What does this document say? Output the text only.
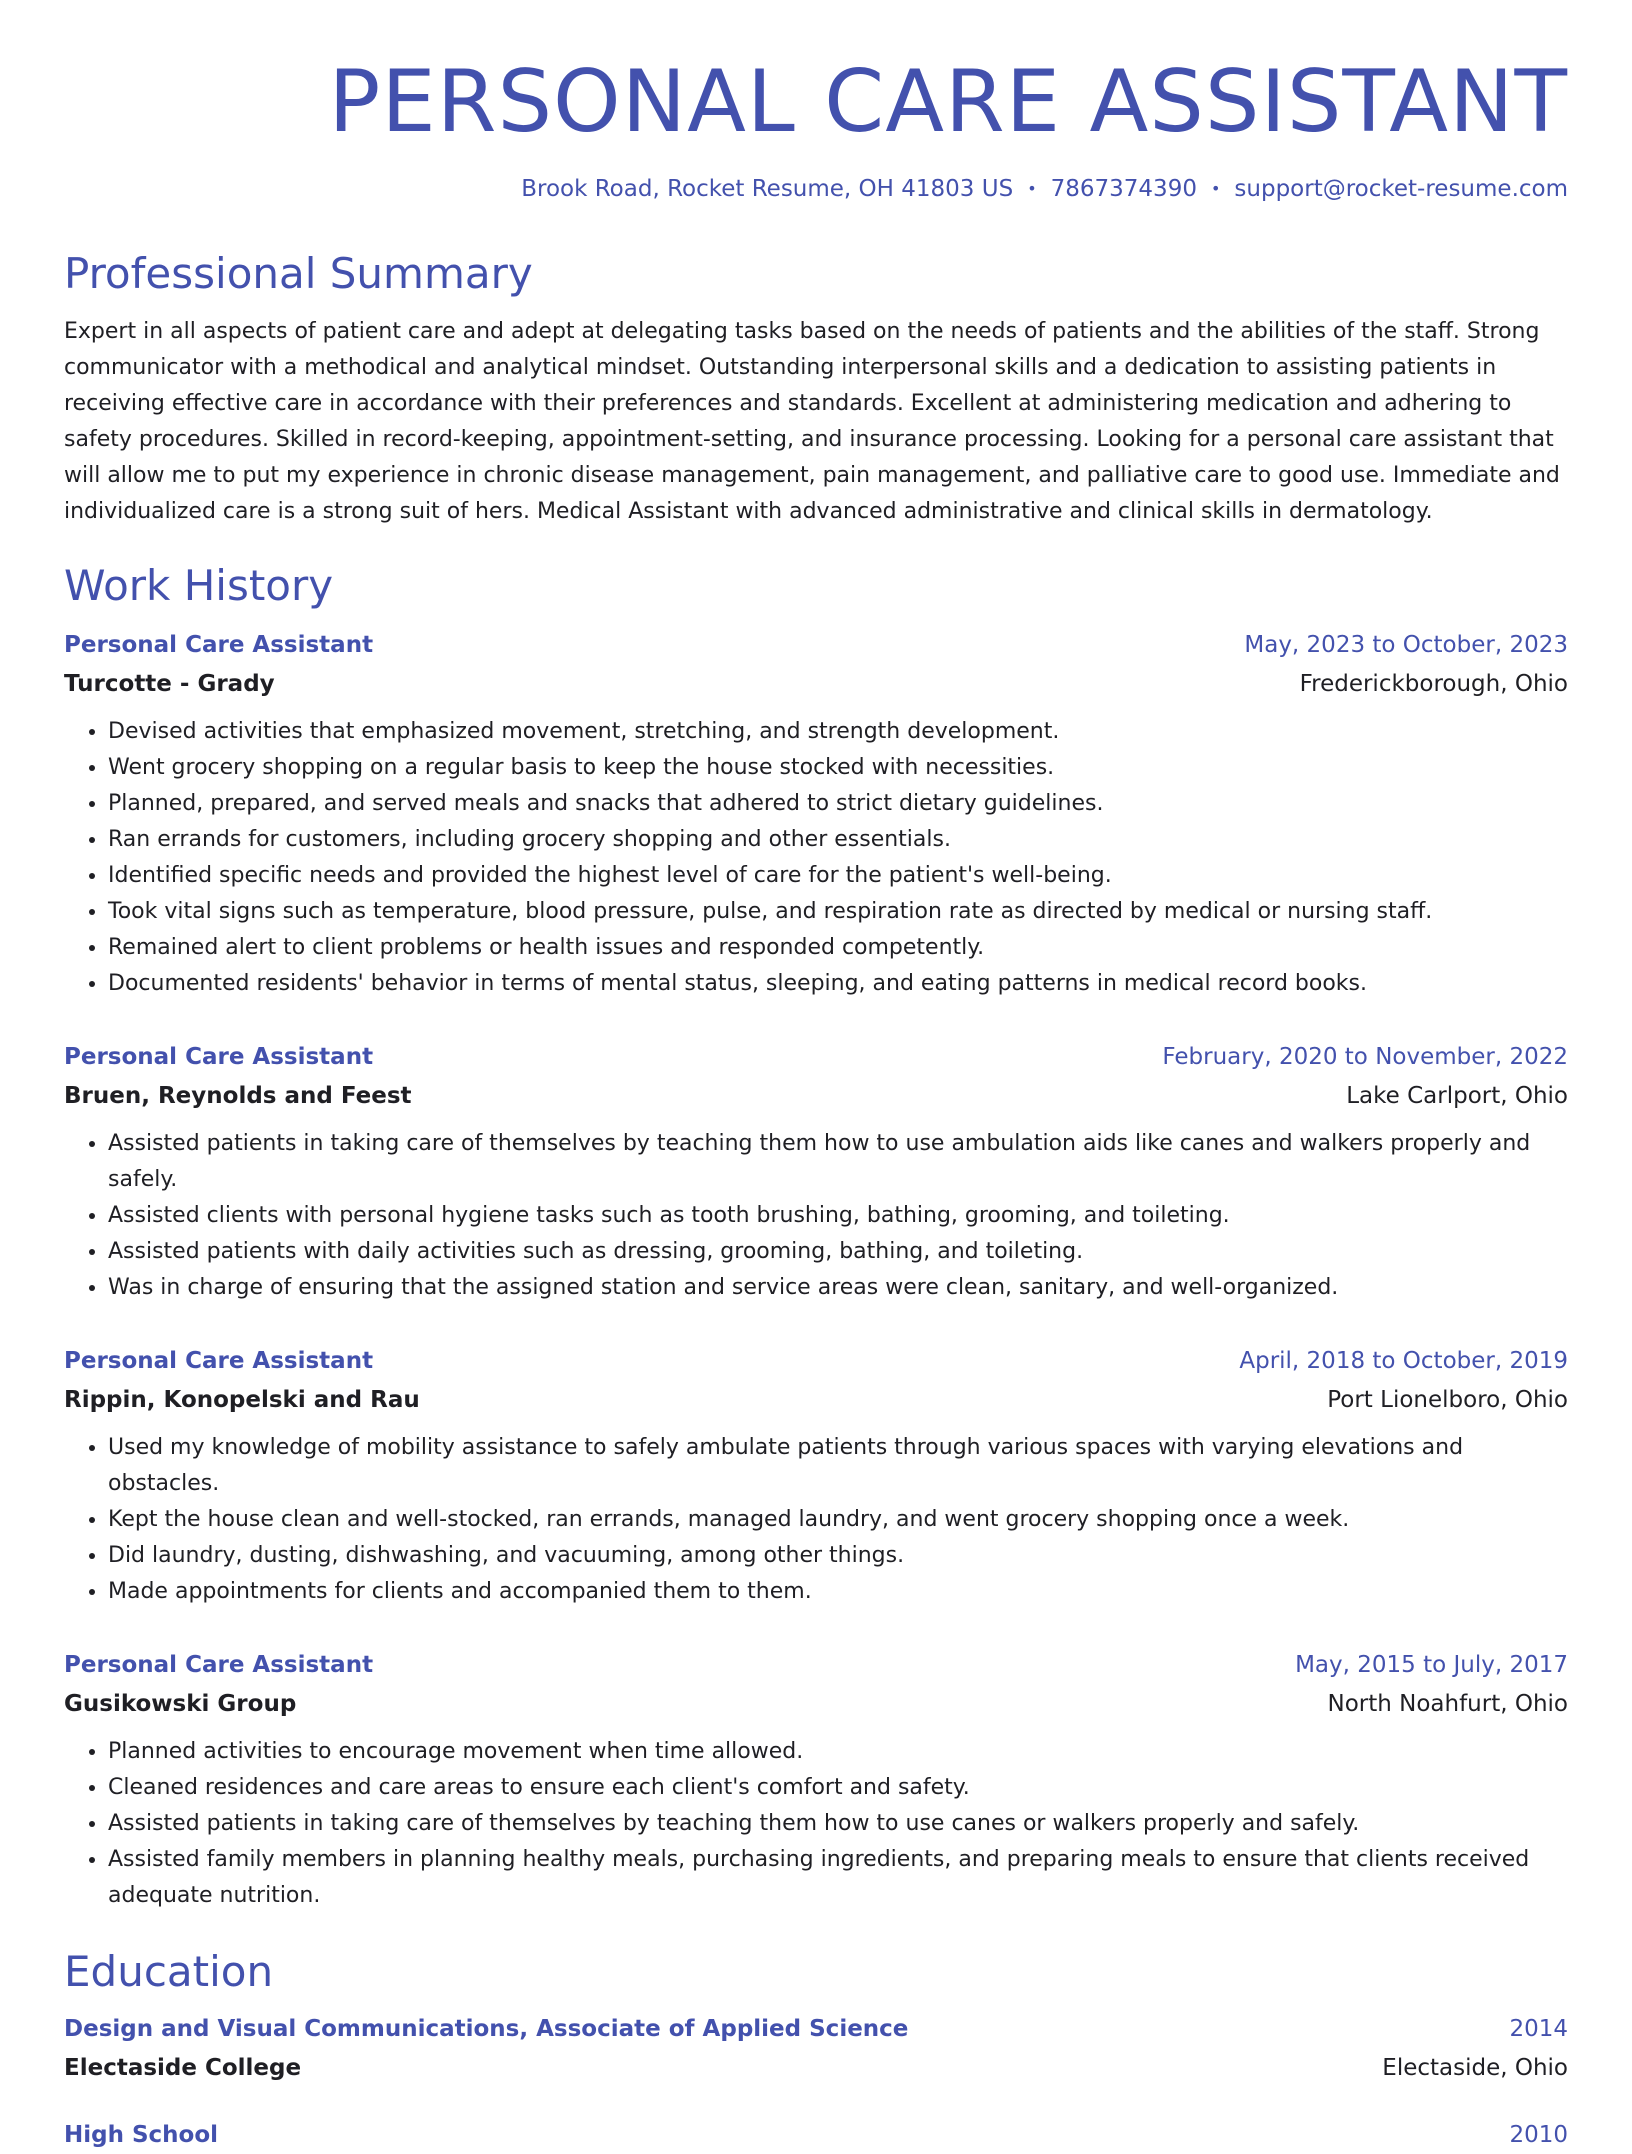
PERSONAL CARE ASSISTANT
Brook Road, Rocket Resume, OH 41803 US • 7867374390 • support@rocket-resume.com
Professional Summary

Expert in all aspects of patient care and adept at delegating tasks based on the needs of patients and the abilities of the staff. Strong communicator with a methodical and analytical mindset. Outstanding interpersonal skills and a dedication to assisting patients in receiving effective care in accordance with their preferences and standards. Excellent at administering medication and adhering to safety procedures. Skilled in record-keeping, appointment-setting, and insurance processing. Looking for a personal care assistant that will allow me to put my experience in chronic disease management, pain management, and palliative care to good use. Immediate and individualized care is a strong suit of hers. Medical Assistant with advanced administrative and clinical skills in dermatology.

Work History
Personal Care Assistant	May, 2023 to October, 2023
Turcotte - Grady	Frederickborough, Ohio
• Devised activities that emphasized movement, stretching, and strength development.
• Went grocery shopping on a regular basis to keep the house stocked with necessities.
• Planned, prepared, and served meals and snacks that adhered to strict dietary guidelines.
• Ran errands for customers, including grocery shopping and other essentials.
• Identified specific needs and provided the highest level of care for the patient's well-being.
• Took vital signs such as temperature, blood pressure, pulse, and respiration rate as directed by medical or nursing staff.
• Remained alert to client problems or health issues and responded competently.
• Documented residents' behavior in terms of mental status, sleeping, and eating patterns in medical record books.
Personal Care Assistant	February, 2020 to November, 2022
Bruen, Reynolds and Feest	Lake Carlport, Ohio
• Assisted patients in taking care of themselves by teaching them how to use ambulation aids like canes and walkers properly and safely.
• Assisted clients with personal hygiene tasks such as tooth brushing, bathing, grooming, and toileting.
• Assisted patients with daily activities such as dressing, grooming, bathing, and toileting.
• Was in charge of ensuring that the assigned station and service areas were clean, sanitary, and well-organized.
Personal Care Assistant	April, 2018 to October, 2019
Rippin, Konopelski and Rau	Port Lionelboro, Ohio
• Used my knowledge of mobility assistance to safely ambulate patients through various spaces with varying elevations and obstacles.
• Kept the house clean and well-stocked, ran errands, managed laundry, and went grocery shopping once a week.
• Did laundry, dusting, dishwashing, and vacuuming, among other things.
• Made appointments for clients and accompanied them to them.
Personal Care Assistant	May, 2015 to July, 2017
Gusikowski Group	North Noahfurt, Ohio
• Planned activities to encourage movement when time allowed.
• Cleaned residences and care areas to ensure each client's comfort and safety.
• Assisted patients in taking care of themselves by teaching them how to use canes or walkers properly and safely.
• Assisted family members in planning healthy meals, purchasing ingredients, and preparing meals to ensure that clients received adequate nutrition.
Education
Design and Visual Communications, Associate of Applied Science	2014
Electaside College	Electaside, Ohio
High School	2010
